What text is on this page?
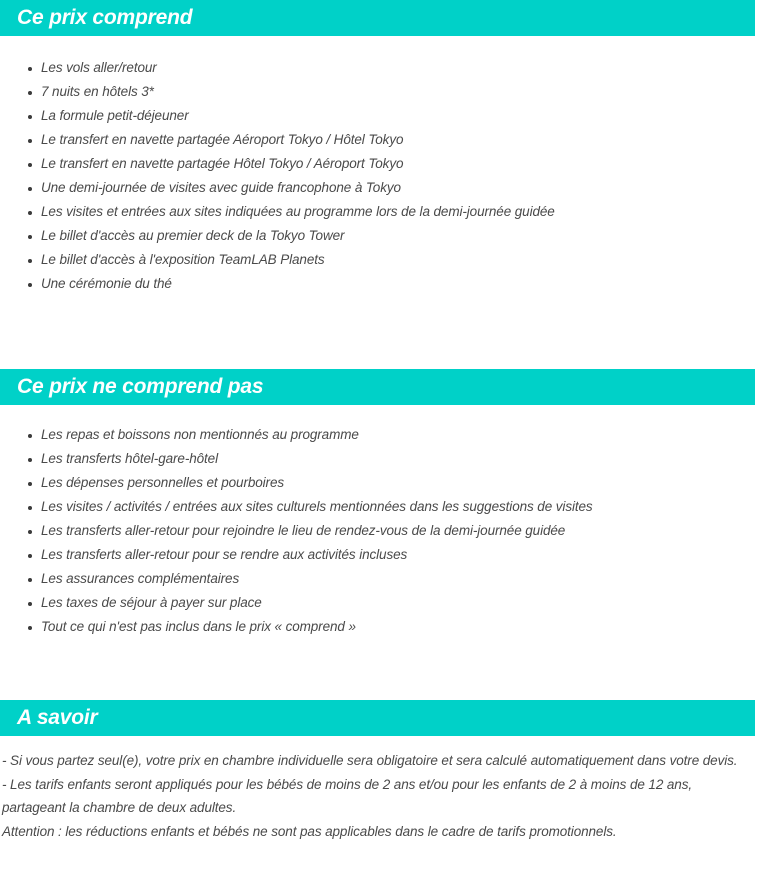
Ce prix comprend
Les vols aller/retour
7 nuits en hôtels 3*
La formule petit-déjeuner
Le transfert en navette partagée Aéroport Tokyo / Hôtel Tokyo
Le transfert en navette partagée Hôtel Tokyo / Aéroport Tokyo
Une demi-journée de visites avec guide francophone à Tokyo
Les visites et entrées aux sites indiquées au programme lors de la demi-journée guidée
Le billet d'accès au premier deck de la Tokyo Tower
Le billet d'accès à l'exposition TeamLAB Planets
Une cérémonie du thé
Ce prix ne comprend pas
Les repas et boissons non mentionnés au programme
Les transferts hôtel-gare-hôtel
Les dépenses personnelles et pourboires
Les visites / activités / entrées aux sites culturels mentionnées dans les suggestions de visites
Les transferts aller-retour pour rejoindre le lieu de rendez-vous de la demi-journée guidée
Les transferts aller-retour pour se rendre aux activités incluses
Les assurances complémentaires
Les taxes de séjour à payer sur place
Tout ce qui n'est pas inclus dans le prix « comprend »
A savoir

- Si vous partez seul(e), votre prix en chambre individuelle sera obligatoire et sera calculé automatiquement dans votre devis.

- Les tarifs enfants seront appliqués pour les bébés de moins de 2 ans et/ou pour les enfants de 2 à moins de 12 ans, partageant la chambre de deux adultes.

Attention : les réductions enfants et bébés ne sont pas applicables dans le cadre de tarifs promotionnels.
